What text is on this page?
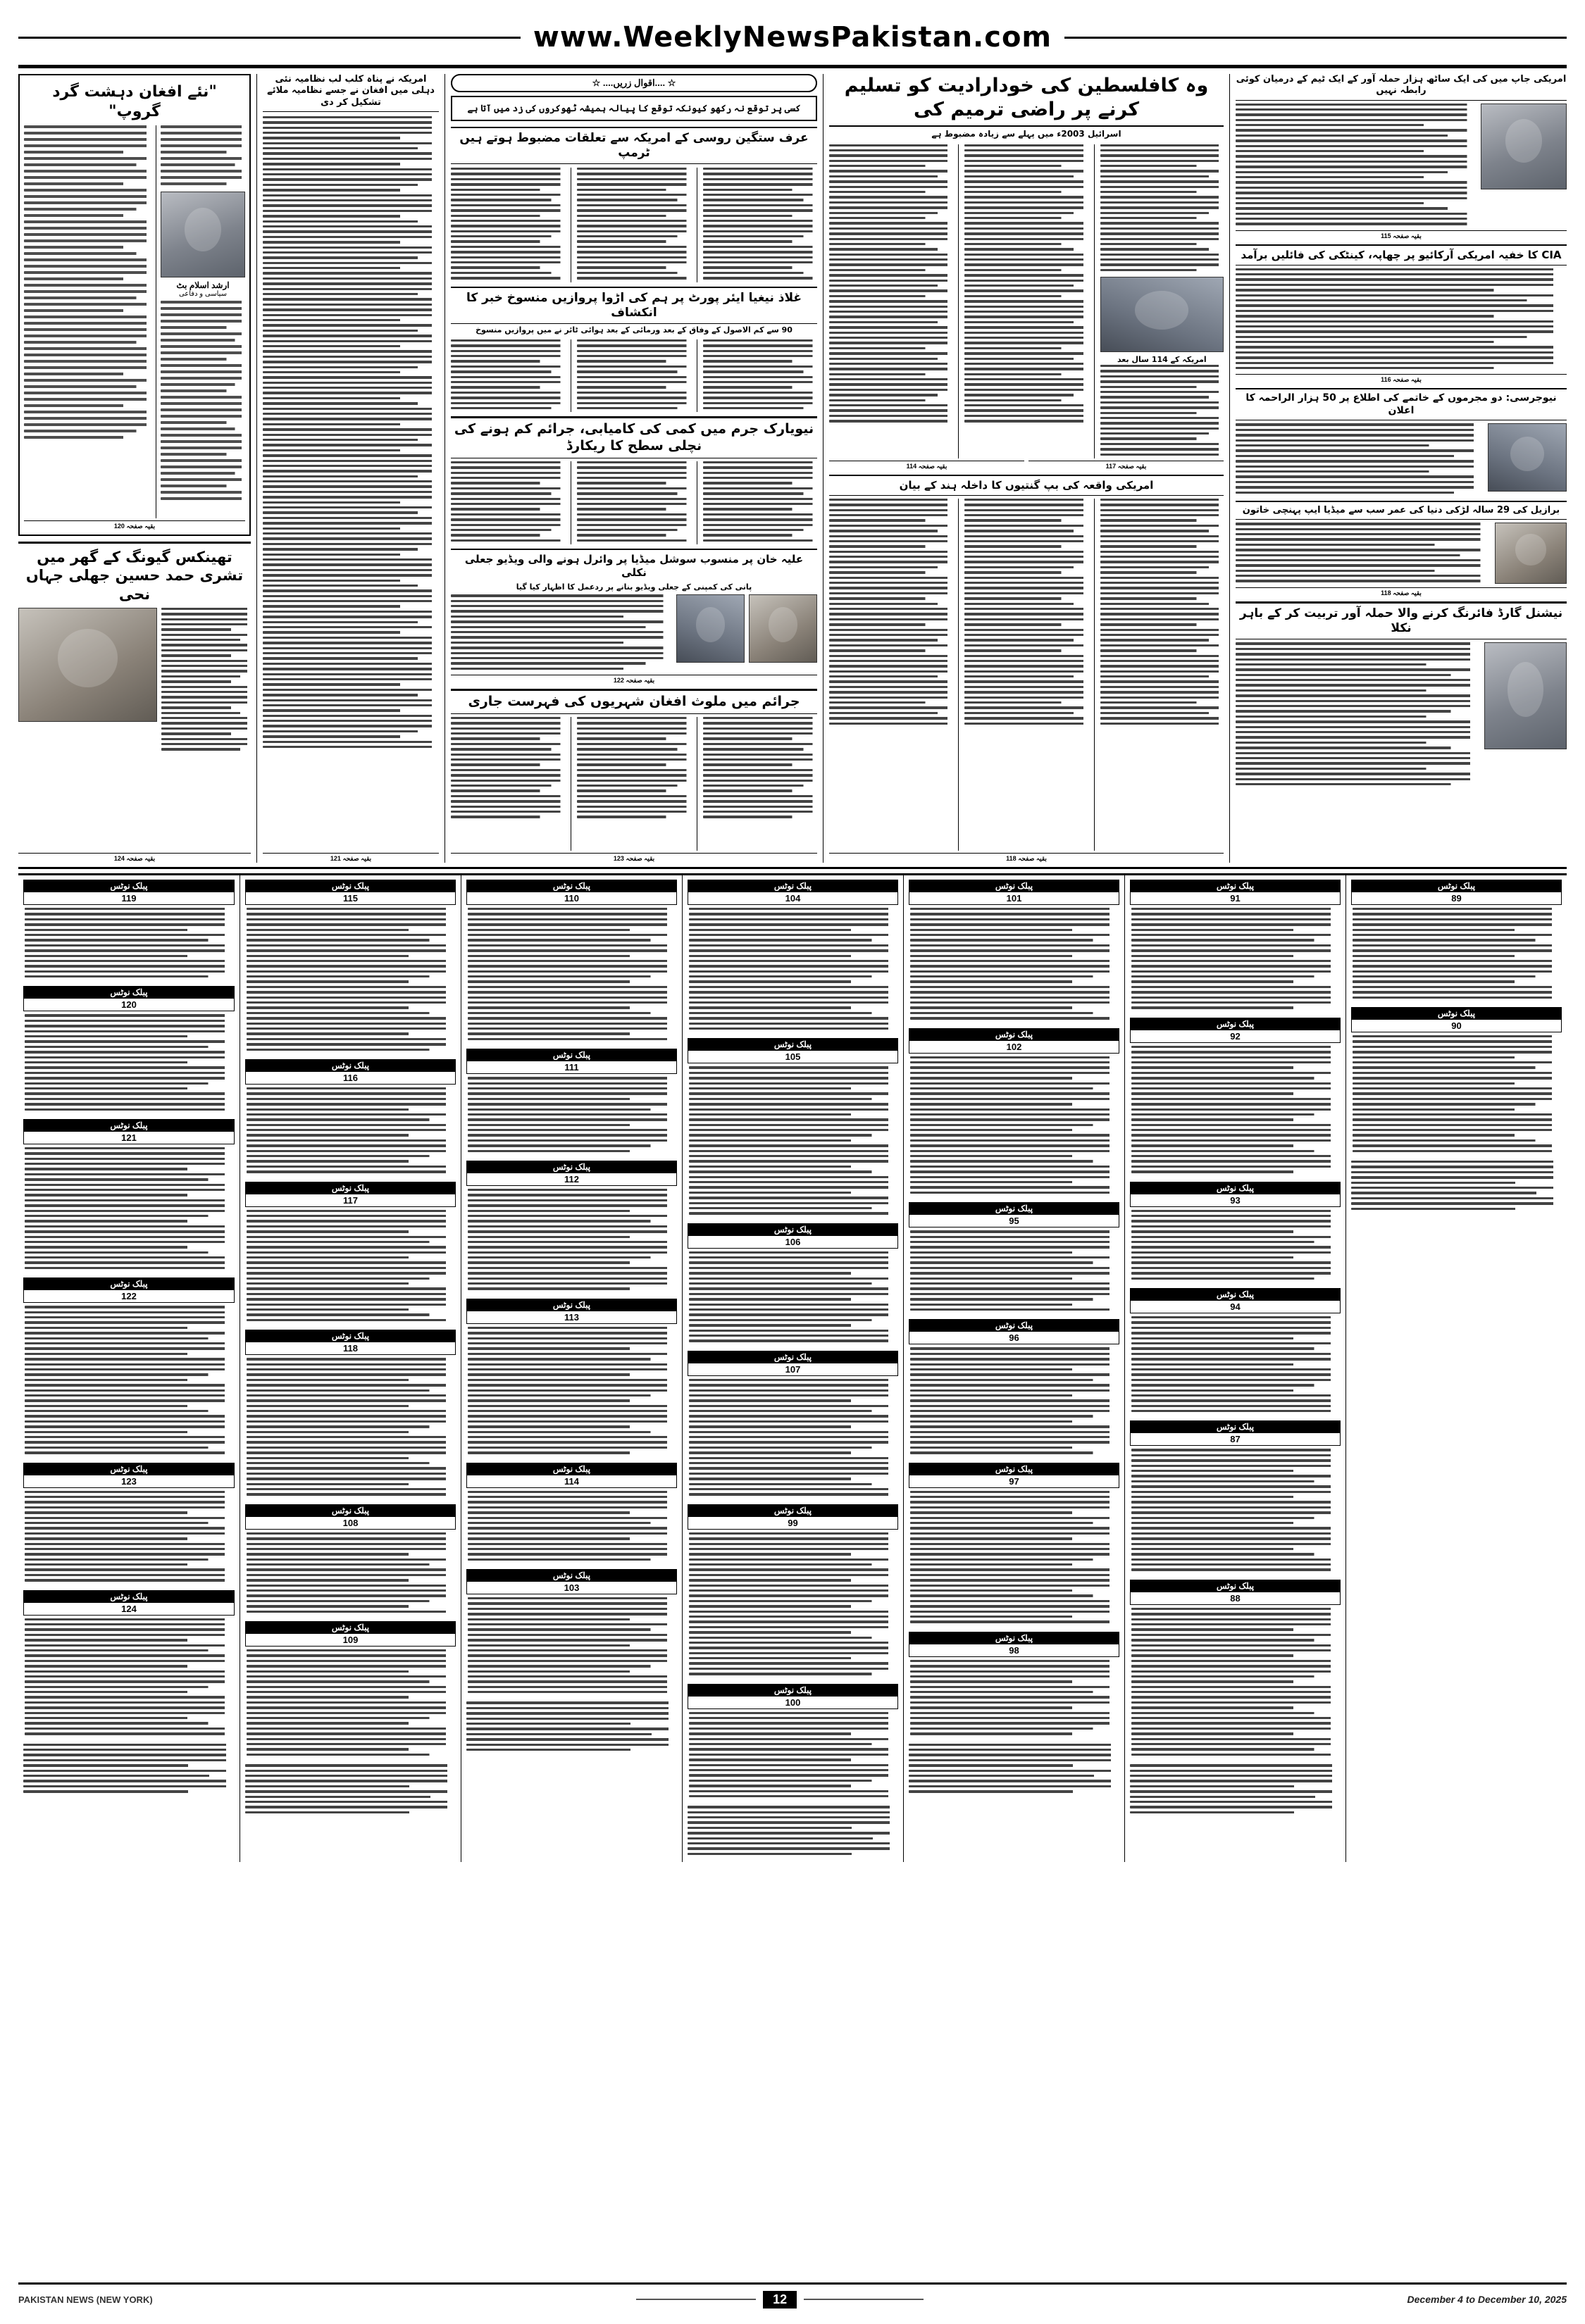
www.WeeklyNewsPakistan.com
"نئے افغان دہشت گرد گروپ"
ارشد اسلام بٹ
سیاسی و دفاعی
بقیہ صفحہ 120
تھینکس گیونگ کے گھر میں تشری حمد حسین جھلی جہاں نحی
بقیہ صفحہ 124
امریکہ نے پناہ کلب لب نظامیہ نئی دہلی میں افغان نے جسے نظامیہ ملائے تشکیل کر دی
بقیہ صفحہ 121
☆ ....اقوال زریں.... ☆
کسی پر توقع نہ رکھو کیونکہ توقع کا پیالہ ہمیشہ ٹھوکروں کی زد میں آتا ہے
عرف ستگین روسی کے امریکہ سے تعلقات مضبوط ہوتے ہیں ٹرمپ
غلاذ نیغیا ایئر پورٹ پر ہم کی اڑوا پروازیں منسوخ خبر کا انکشاف
90 سے کم الاصول کے وفاق کے بعد ورمائی کے بعد ہوائی ٹائر نے میں پروازیں منسوخ
نیویارک جرم میں کمی کی کامیابی، جرائم کم ہونے کی نچلی سطح کا ریکارڈ
علیہ خان پر منسوب سوشل میڈیا پر وائرل ہونے والی ویڈیو جعلی نکلی
پانی کی کمپنی کے جعلی ویڈیو بنانے پر ردعمل کا اظہار کیا گیا
بقیہ صفحہ 122
جرائم میں ملوث افغان شہریوں کی فہرست جاری
بقیہ صفحہ 123
وہ کافلسطین کی خودارادیت کو تسلیم کرنے پر راضی ترمیم کی
اسرائیل 2003ء میں پہلے سے زیادہ مضبوط ہے
امریکہ کے 114 سال بعد
بقیہ صفحہ 114	بقیہ صفحہ 117
امریکی واقعہ کی بپ گنتیوں کا داخلہ ہند کے بیان
بقیہ صفحہ 118
امریکی جاپ میں کی ایک ساٹھ ہزار حملہ آور کے ایک ٹیم کے درمیان کوئی رابطہ نہیں
بقیہ صفحہ 115
CIA کا خفیہ امریکی آرکائیو پر چھاپہ، کینٹکی کی فائلیں برآمد
بقیہ صفحہ 116
نیوجرسی: دو مجرموں کے خاتمے کی اطلاع پر 50 ہزار الراحمہ کا اعلان
برازیل کی 29 سالہ لڑکی دنیا کی عمر سب سے میڈیا ایپ پہنچی خاتون
بقیہ صفحہ 118
نیشنل گارڈ فائرنگ کرنے والا حملہ آور تربیت کر کے باہر نکلا
پبلک نوٹس
119
پبلک نوٹس
120
پبلک نوٹس
121
پبلک نوٹس
122
پبلک نوٹس
123
پبلک نوٹس
124
پبلک نوٹس
115
پبلک نوٹس
116
پبلک نوٹس
117
پبلک نوٹس
118
پبلک نوٹس
108
پبلک نوٹس
109
پبلک نوٹس
110
پبلک نوٹس
111
پبلک نوٹس
112
پبلک نوٹس
113
پبلک نوٹس
114
پبلک نوٹس
103
پبلک نوٹس
104
پبلک نوٹس
105
پبلک نوٹس
106
پبلک نوٹس
107
پبلک نوٹس
99
پبلک نوٹس
100
پبلک نوٹس
101
پبلک نوٹس
102
پبلک نوٹس
95
پبلک نوٹس
96
پبلک نوٹس
97
پبلک نوٹس
98
پبلک نوٹس
91
پبلک نوٹس
92
پبلک نوٹس
93
پبلک نوٹس
94
پبلک نوٹس
87
پبلک نوٹس
88
پبلک نوٹس
89
پبلک نوٹس
90
PAKISTAN NEWS (NEW YORK)	12	December 4 to December 10, 2025
